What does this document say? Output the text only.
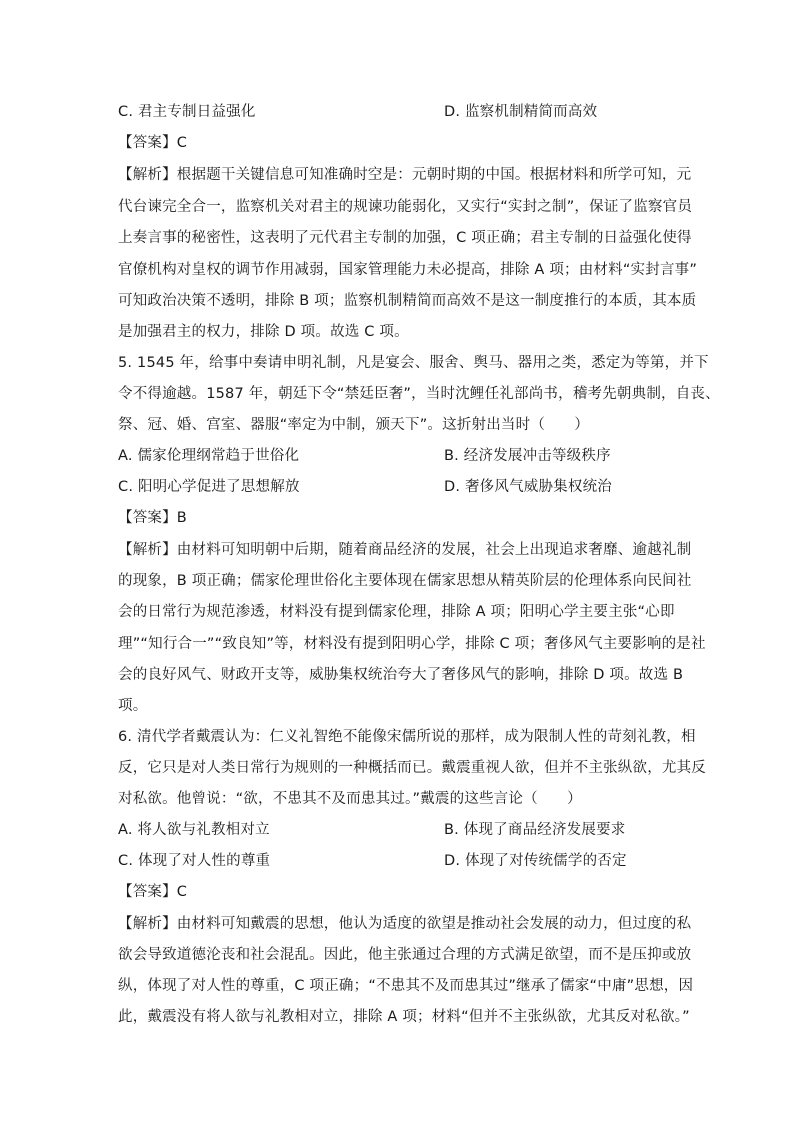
C. 君主专制日益强化	D. 监察机制精简而高效
【答案】C
【解析】根据题干关键信息可知准确时空是：元朝时期的中国。根据材料和所学可知，元
代台谏完全合一，监察机关对君主的规谏功能弱化，又实行“实封之制”，保证了监察官员
上奏言事的秘密性，这表明了元代君主专制的加强，C 项正确；君主专制的日益强化使得
官僚机构对皇权的调节作用减弱，国家管理能力未必提高，排除 A 项；由材料“实封言事”
可知政治决策不透明，排除 B 项；监察机制精简而高效不是这一制度推行的本质，其本质
是加强君主的权力，排除 D 项。故选 C 项。
5. 1545 年，给事中奏请申明礼制，凡是宴会、服舍、舆马、器用之类，悉定为等第，并下
令不得逾越。1587 年，朝廷下令“禁廷臣奢”，当时沈鲤任礼部尚书，稽考先朝典制，自丧、
祭、冠、婚、宫室、器服“率定为中制，颁天下”。这折射出当时（　　）
A. 儒家伦理纲常趋于世俗化	B. 经济发展冲击等级秩序
C. 阳明心学促进了思想解放	D. 奢侈风气威胁集权统治
【答案】B
【解析】由材料可知明朝中后期，随着商品经济的发展，社会上出现追求奢靡、逾越礼制
的现象，B 项正确；儒家伦理世俗化主要体现在儒家思想从精英阶层的伦理体系向民间社
会的日常行为规范渗透，材料没有提到儒家伦理，排除 A 项；阳明心学主要主张“心即
理”“知行合一”“致良知”等，材料没有提到阳明心学，排除 C 项；奢侈风气主要影响的是社
会的良好风气、财政开支等，威胁集权统治夸大了奢侈风气的影响，排除 D 项。故选 B
项。
6. 清代学者戴震认为：仁义礼智绝不能像宋儒所说的那样，成为限制人性的苛刻礼教，相
反，它只是对人类日常行为规则的一种概括而已。戴震重视人欲，但并不主张纵欲，尤其反
对私欲。他曾说：“欲，不患其不及而患其过。”戴震的这些言论（　　）
A. 将人欲与礼教相对立	B. 体现了商品经济发展要求
C. 体现了对人性的尊重	D. 体现了对传统儒学的否定
【答案】C
【解析】由材料可知戴震的思想，他认为适度的欲望是推动社会发展的动力，但过度的私
欲会导致道德沦丧和社会混乱。因此，他主张通过合理的方式满足欲望，而不是压抑或放
纵，体现了对人性的尊重，C 项正确；“不患其不及而患其过”继承了儒家“中庸”思想，因
此，戴震没有将人欲与礼教相对立，排除 A 项；材料“但并不主张纵欲，尤其反对私欲。”
